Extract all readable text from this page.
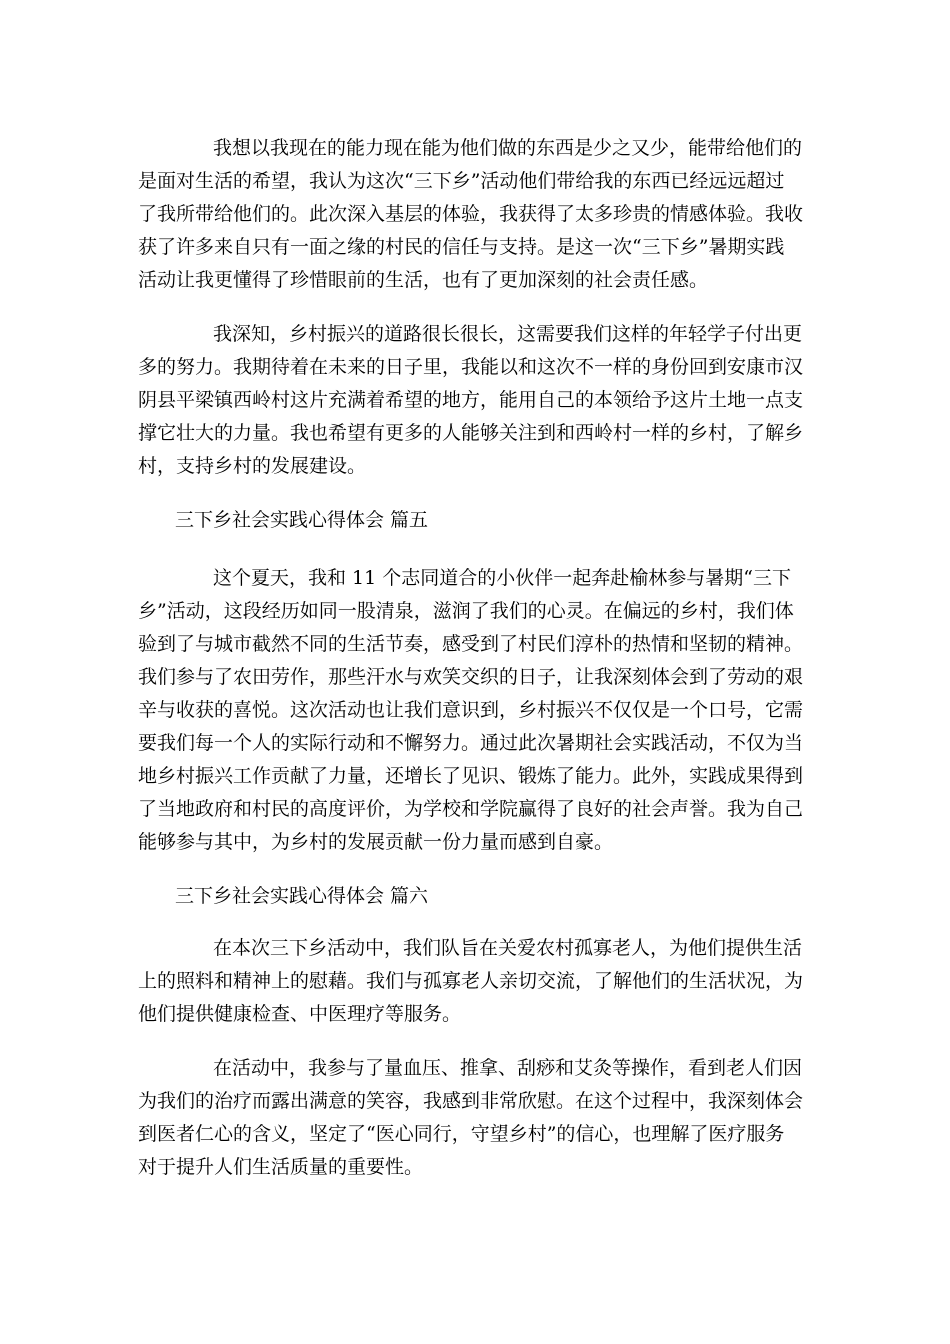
我想以我现在的能力现在能为他们做的东西是少之又少，能带给他们的
是面对生活的希望，我认为这次“三下乡”活动他们带给我的东西已经远远超过
了我所带给他们的。此次深入基层的体验，我获得了太多珍贵的情感体验。我收
获了许多来自只有一面之缘的村民的信任与支持。是这一次“三下乡”暑期实践
活动让我更懂得了珍惜眼前的生活，也有了更加深刻的社会责任感。
我深知，乡村振兴的道路很长很长，这需要我们这样的年轻学子付出更
多的努力。我期待着在未来的日子里，我能以和这次不一样的身份回到安康市汉
阴县平梁镇西岭村这片充满着希望的地方，能用自己的本领给予这片土地一点支
撑它壮大的力量。我也希望有更多的人能够关注到和西岭村一样的乡村，了解乡
村，支持乡村的发展建设。
三下乡社会实践心得体会 篇五
这个夏天，我和 11 个志同道合的小伙伴一起奔赴榆林参与暑期“三下
乡”活动，这段经历如同一股清泉，滋润了我们的心灵。在偏远的乡村，我们体
验到了与城市截然不同的生活节奏，感受到了村民们淳朴的热情和坚韧的精神。
我们参与了农田劳作，那些汗水与欢笑交织的日子，让我深刻体会到了劳动的艰
辛与收获的喜悦。这次活动也让我们意识到，乡村振兴不仅仅是一个口号，它需
要我们每一个人的实际行动和不懈努力。通过此次暑期社会实践活动，不仅为当
地乡村振兴工作贡献了力量，还增长了见识、锻炼了能力。此外，实践成果得到
了当地政府和村民的高度评价，为学校和学院赢得了良好的社会声誉。我为自己
能够参与其中，为乡村的发展贡献一份力量而感到自豪。
三下乡社会实践心得体会 篇六
在本次三下乡活动中，我们队旨在关爱农村孤寡老人，为他们提供生活
上的照料和精神上的慰藉。我们与孤寡老人亲切交流，了解他们的生活状况，为
他们提供健康检查、中医理疗等服务。
在活动中，我参与了量血压、推拿、刮痧和艾灸等操作，看到老人们因
为我们的治疗而露出满意的笑容，我感到非常欣慰。在这个过程中，我深刻体会
到医者仁心的含义，坚定了“医心同行，守望乡村”的信心，也理解了医疗服务
对于提升人们生活质量的重要性。
